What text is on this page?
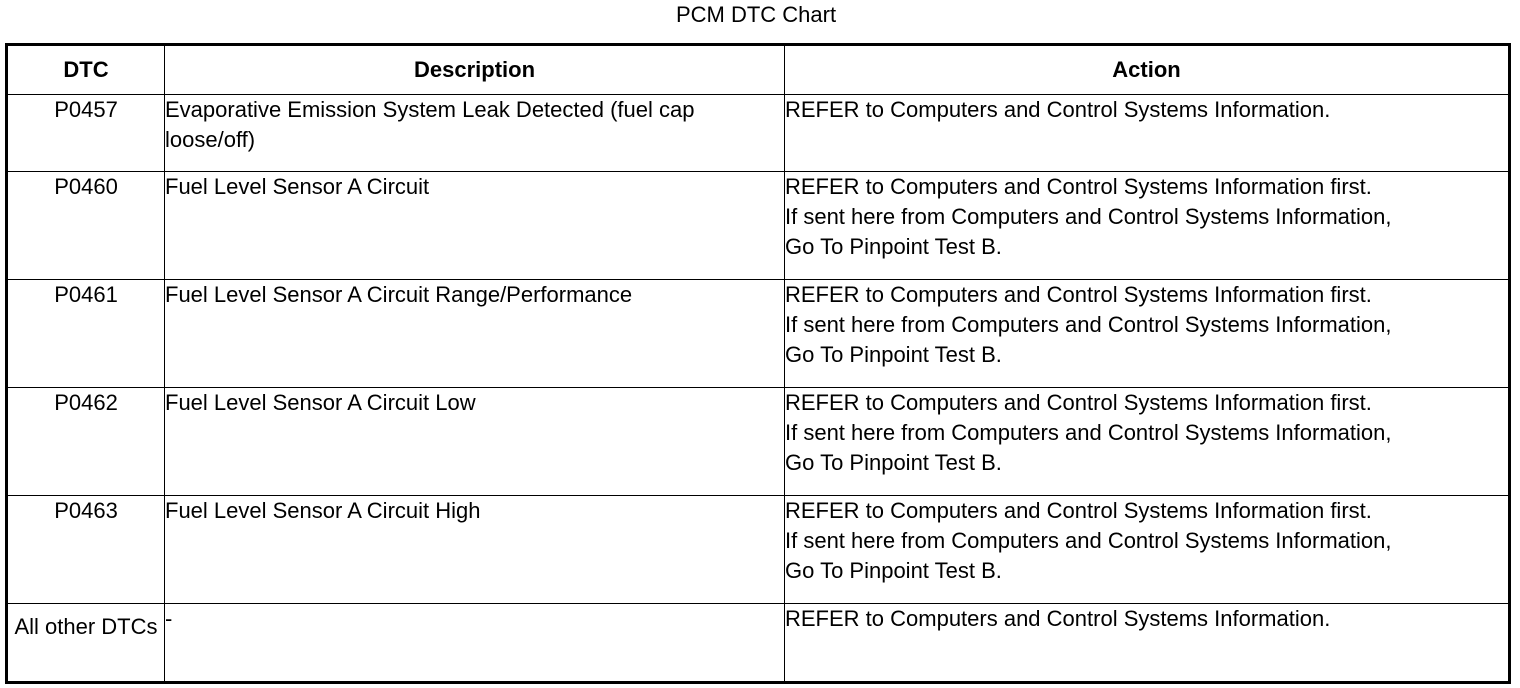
PCM DTC Chart
DTC	Description	Action
P0457	Evaporative Emission System Leak Detected (fuel cap loose/off)	REFER to Computers and Control Systems Information.

P0460	Fuel Level Sensor A Circuit	REFER to Computers and Control Systems Information first.
If sent here from Computers and Control Systems Information,
Go To Pinpoint Test B.

P0461	Fuel Level Sensor A Circuit Range/Performance	REFER to Computers and Control Systems Information first.
If sent here from Computers and Control Systems Information,
Go To Pinpoint Test B.

P0462	Fuel Level Sensor A Circuit Low	REFER to Computers and Control Systems Information first.
If sent here from Computers and Control Systems Information,
Go To Pinpoint Test B.

P0463	Fuel Level Sensor A Circuit High	REFER to Computers and Control Systems Information first.
If sent here from Computers and Control Systems Information,
Go To Pinpoint Test B.

All other DTCs	-	REFER to Computers and Control Systems Information.
